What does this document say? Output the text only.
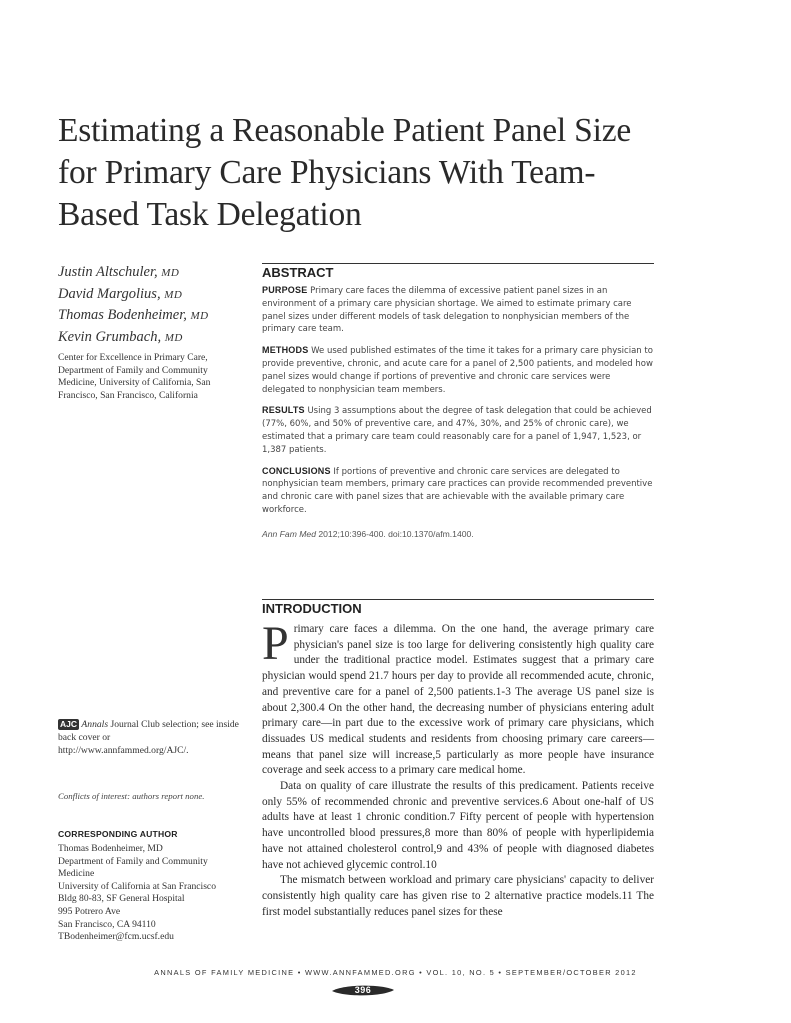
Estimating a Reasonable Patient Panel Size for Primary Care Physicians With Team-Based Task Delegation
Justin Altschuler, MD
David Margolius, MD
Thomas Bodenheimer, MD
Kevin Grumbach, MD
Center for Excellence in Primary Care, Department of Family and Community Medicine, University of California, San Francisco, San Francisco, California
AJC Annals Journal Club selection; see inside back cover or http://www.annfammed.org/AJC/.
Conflicts of interest: authors report none.
CORRESPONDING AUTHOR
Thomas Bodenheimer, MD
Department of Family and Community Medicine
University of California at San Francisco
Bldg 80-83, SF General Hospital
995 Potrero Ave
San Francisco, CA 94110
TBodenheimer@fcm.ucsf.edu
ABSTRACT
PURPOSE Primary care faces the dilemma of excessive patient panel sizes in an environment of a primary care physician shortage. We aimed to estimate primary care panel sizes under different models of task delegation to nonphysician members of the primary care team.
METHODS We used published estimates of the time it takes for a primary care physician to provide preventive, chronic, and acute care for a panel of 2,500 patients, and modeled how panel sizes would change if portions of preventive and chronic care services were delegated to nonphysician team members.
RESULTS Using 3 assumptions about the degree of task delegation that could be achieved (77%, 60%, and 50% of preventive care, and 47%, 30%, and 25% of chronic care), we estimated that a primary care team could reasonably care for a panel of 1,947, 1,523, or 1,387 patients.
CONCLUSIONS If portions of preventive and chronic care services are delegated to nonphysician team members, primary care practices can provide recommended preventive and chronic care with panel sizes that are achievable with the available primary care workforce.
Ann Fam Med 2012;10:396-400. doi:10.1370/afm.1400.
INTRODUCTION

Primary care faces a dilemma. On the one hand, the average primary care physician's panel size is too large for delivering consistently high quality care under the traditional practice model. Estimates suggest that a primary care physician would spend 21.7 hours per day to provide all recommended acute, chronic, and preventive care for a panel of 2,500 patients.1-3 The average US panel size is about 2,300.4 On the other hand, the decreasing number of physicians entering adult primary care—in part due to the excessive work of primary care physicians, which dissuades US medical students and residents from choosing primary care careers—means that panel size will increase,5 particularly as more people have insurance coverage and seek access to a primary care medical home.

Data on quality of care illustrate the results of this predicament. Patients receive only 55% of recommended chronic and preventive services.6 About one-half of US adults have at least 1 chronic condition.7 Fifty percent of people with hypertension have uncontrolled blood pressures,8 more than 80% of people with hyperlipidemia have not attained cholesterol control,9 and 43% of people with diagnosed diabetes have not achieved glycemic control.10

The mismatch between workload and primary care physicians' capacity to deliver consistently high quality care has given rise to 2 alternative practice models.11 The first model substantially reduces panel sizes for these

ANNALS OF FAMILY MEDICINE • WWW.ANNFAMMED.ORG • VOL. 10, NO. 5 • SEPTEMBER/OCTOBER 2012
396
